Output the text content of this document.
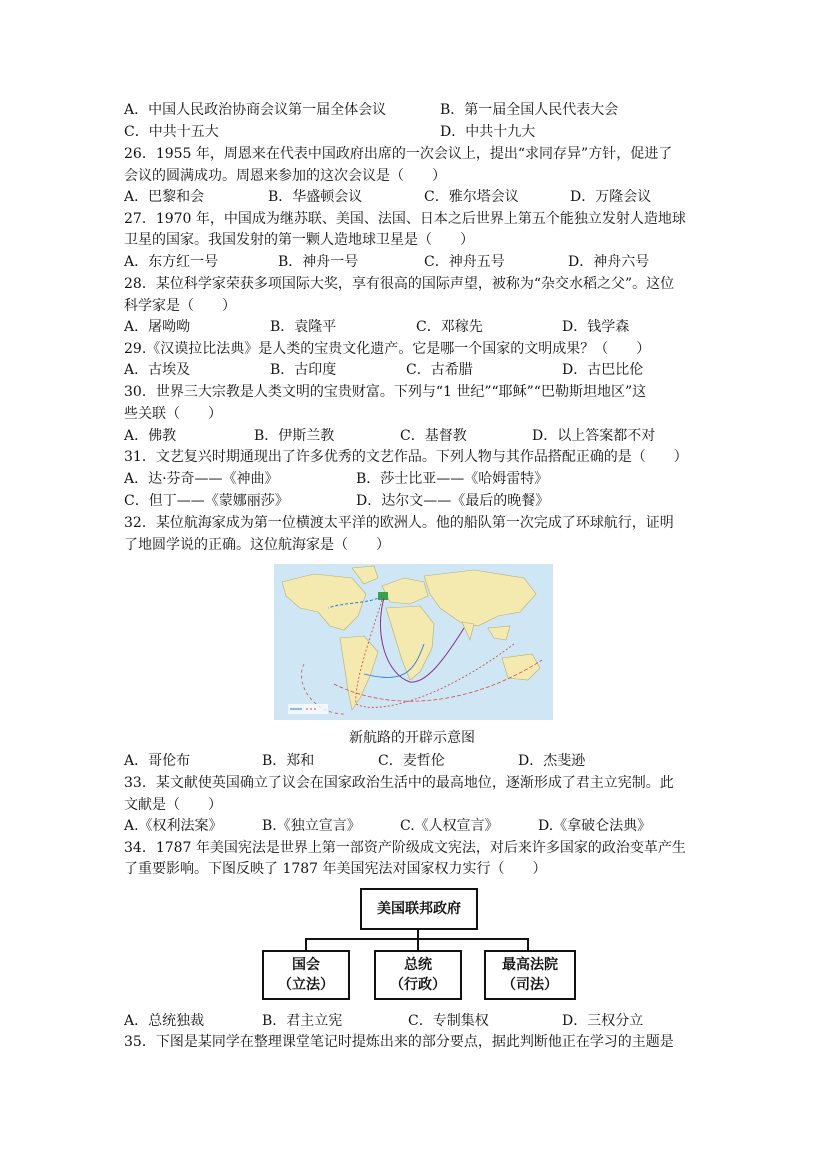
A．中国人民政治协商会议第一届全体会议	B．第一届全国人民代表大会
C．中共十五大	D．中共十九大
26．1955 年，周恩来在代表中国政府出席的一次会议上，提出“求同存异”方针，促进了
会议的圆满成功。周恩来参加的这次会议是（　　）
A．巴黎和会	B．华盛顿会议	C．雅尔塔会议	D．万隆会议
27．1970 年，中国成为继苏联、美国、法国、日本之后世界上第五个能独立发射人造地球
卫星的国家。我国发射的第一颗人造地球卫星是（　　）
A．东方红一号	B．神舟一号	C．神舟五号	D．神舟六号
28．某位科学家荣获多项国际大奖，享有很高的国际声望，被称为“杂交水稻之父”。这位
科学家是（　　）
A．屠呦呦	B．袁隆平	C．邓稼先	D．钱学森
29.《汉谟拉比法典》是人类的宝贵文化遗产。它是哪一个国家的文明成果？（　　）
A．古埃及	B．古印度	C．古希腊	D．古巴比伦
30．世界三大宗教是人类文明的宝贵财富。下列与“1 世纪”“耶稣”“巴勒斯坦地区”这
些关联（　　）
A．佛教	B．伊斯兰教	C．基督教	D．以上答案都不对
31．文艺复兴时期通现出了许多优秀的文艺作品。下列人物与其作品搭配正确的是（　　）
A．达·芬奇——《神曲》	B．莎士比亚——《哈姆雷特》
C．但丁——《蒙娜丽莎》	D．达尔文——《最后的晚餐》
32．某位航海家成为第一位横渡太平洋的欧洲人。他的船队第一次完成了环球航行，证明
了地圆学说的正确。这位航海家是（　　）
新航路的开辟示意图
A．哥伦布	B．郑和	C．麦哲伦	D．杰斐逊
33．某文献使英国确立了议会在国家政治生活中的最高地位，逐渐形成了君主立宪制。此
文献是（　　）
A.《权利法案》	B.《独立宣言》	C.《人权宣言》	D.《拿破仑法典》
34．1787 年美国宪法是世界上第一部资产阶级成文宪法，对后来许多国家的政治变革产生
了重要影响。下图反映了 1787 年美国宪法对国家权力实行（　　）
美国联邦政府
国会
（立法）
总统
（行政）
最高法院
（司法）
A．总统独裁	B．君主立宪	C．专制集权	D．三权分立
35．下图是某同学在整理课堂笔记时提炼出来的部分要点，据此判断他正在学习的主题是
